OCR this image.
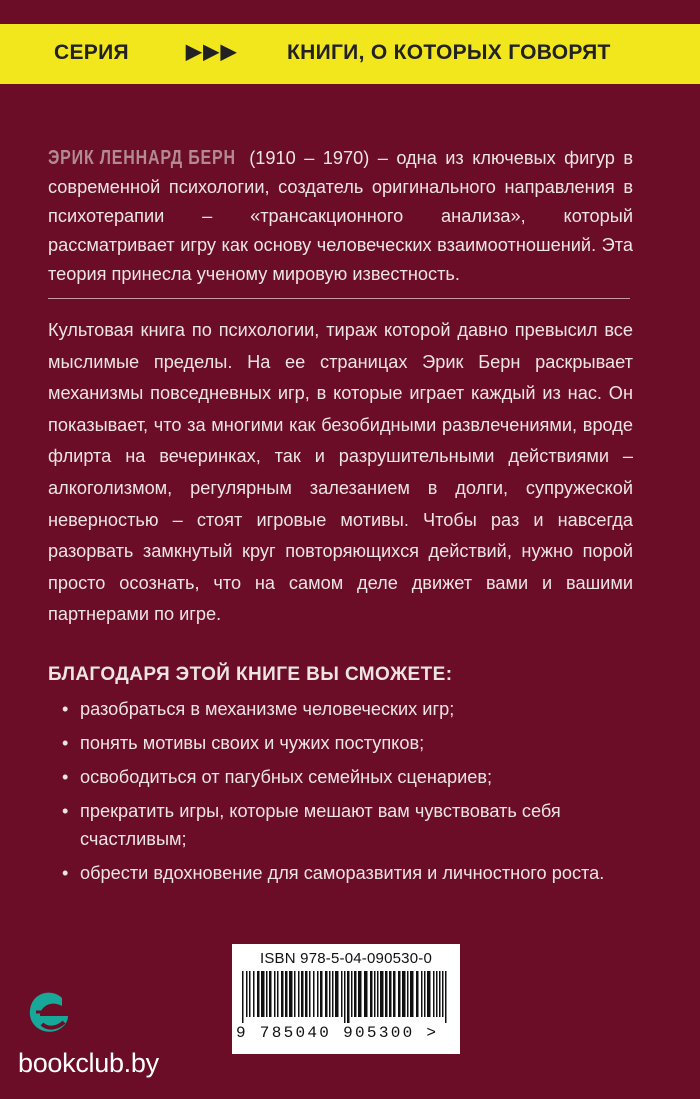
СЕРИЯ	▶▶▶ КНИГИ, О КОТОРЫХ ГОВОРЯТ
ЭРИК ЛЕННАРД БЕРН (1910 – 1970) – одна из ключевых фигур в современной психологии, создатель оригинального направления в психотерапии – «трансакционного анализа», который рассматривает игру как основу человеческих взаимоотношений. Эта теория принесла ученому мировую известность.
Культовая книга по психологии, тираж которой давно превысил все мыслимые пределы. На ее страницах Эрик Берн раскрывает механизмы повседневных игр, в которые играет каждый из нас. Он показывает, что за многими как безобидными развлечениями, вроде флирта на вечеринках, так и разрушительными действиями – алкоголизмом, регулярным залезанием в долги, супружеской неверностью – стоят игровые мотивы. Чтобы раз и навсегда разорвать замкнутый круг повторяющихся действий, нужно порой просто осознать, что на самом деле движет вами и вашими партнерами по игре.
БЛАГОДАРЯ ЭТОЙ КНИГЕ ВЫ СМОЖЕТЕ:
• разобраться в механизме человеческих игр;
• понять мотивы своих и чужих поступков;
• освободиться от пагубных семейных сценариев;
• прекратить игры, которые мешают вам чувствовать себя счастливым;
• обрести вдохновение для саморазвития и личностного роста.
ISBN 978-5-04-090530-0
9 785040 905300 >
bookclub.by
